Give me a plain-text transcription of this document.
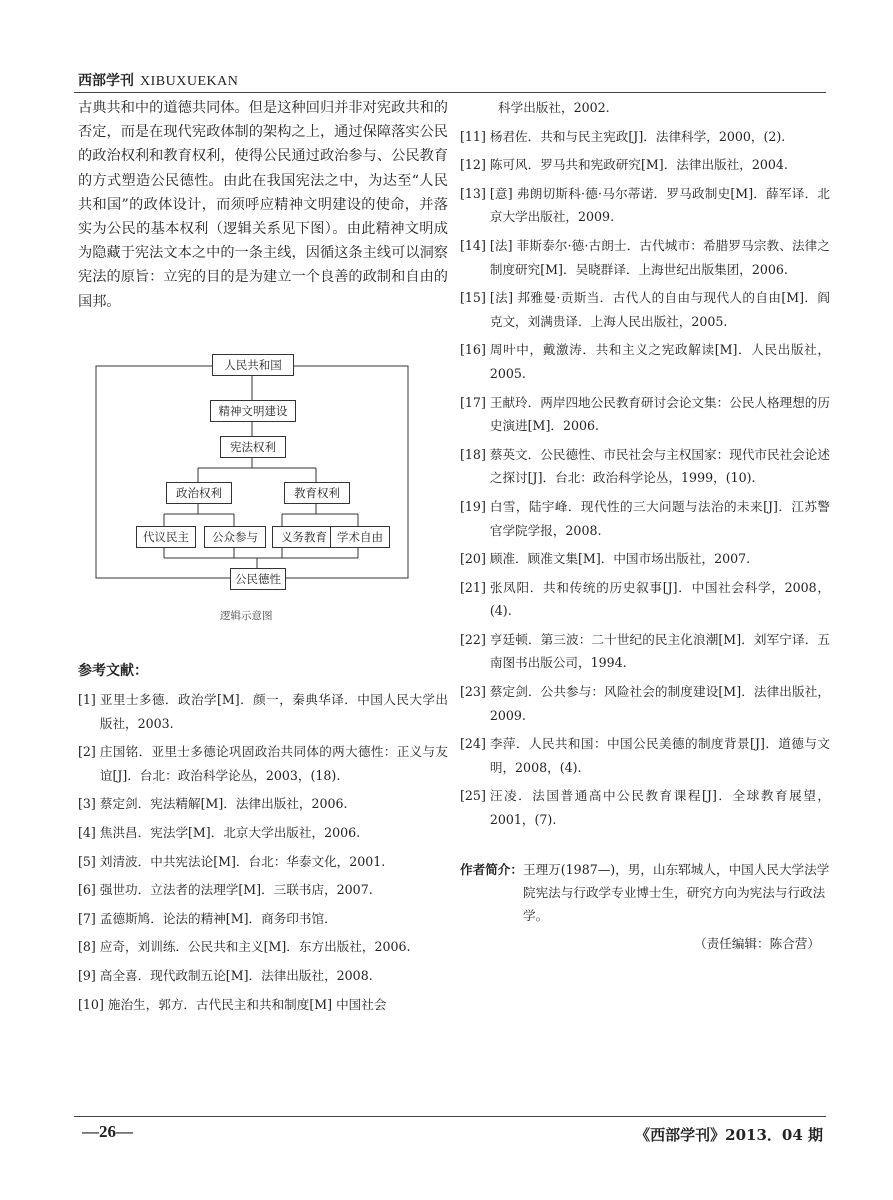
西部学刊 XIBUXUEKAN

古典共和中的道德共同体。但是这种回归并非对宪政共和的否定，而是在现代宪政体制的架构之上，通过保障落实公民的政治权利和教育权利，使得公民通过政治参与、公民教育的方式塑造公民德性。由此在我国宪法之中，为达至“人民共和国”的政体设计，而须呼应精神文明建设的使命，并落实为公民的基本权利（逻辑关系见下图）。由此精神文明成为隐藏于宪法文本之中的一条主线，因循这条主线可以洞察宪法的原旨：立宪的目的是为建立一个良善的政制和自由的国邦。

人民共和国
精神文明建设
宪法权利
政治权利	教育权利
代议民主	公众参与	义务教育 学术自由
公民德性
逻辑示意图
参考文献：
[1] 亚里士多德．政治学[M]．颜一，秦典华译．中国人民大学出版社，2003.
[2] 庄国铭．亚里士多德论巩固政治共同体的两大德性：正义与友谊[J]．台北：政治科学论丛，2003，(18).
[3] 蔡定剑．宪法精解[M]．法律出版社，2006.
[4] 焦洪昌．宪法学[M]．北京大学出版社，2006.
[5] 刘清波．中共宪法论[M]．台北：华泰文化，2001.
[6] 强世功．立法者的法理学[M]．三联书店，2007.
[7] 孟德斯鸠．论法的精神[M]．商务印书馆．
[8] 应奇，刘训练．公民共和主义[M]．东方出版社，2006.
[9] 高全喜．现代政制五论[M]．法律出版社，2008.
[10] 施治生，郭方．古代民主和共和制度[M] 中国社会
科学出版社，2002.
[11] 杨君佐．共和与民主宪政[J]．法律科学，2000，(2).
[12] 陈可风．罗马共和宪政研究[M]．法律出版社，2004.
[13] [意] 弗朗切斯科·德·马尔蒂诺．罗马政制史[M]．薛军译．北京大学出版社，2009.
[14] [法] 菲斯泰尔·德·古朗士．古代城市：希腊罗马宗教、法律之制度研究[M]．吴晓群译．上海世纪出版集团，2006.
[15] [法] 邦雅曼·贡斯当．古代人的自由与现代人的自由[M]．阎克文，刘满贵译．上海人民出版社，2005.
[16] 周叶中，戴激涛．共和主义之宪政解读[M]．人民出版社，2005.
[17] 王献玲．两岸四地公民教育研讨会论文集：公民人格理想的历史演进[M]．2006.
[18] 蔡英文．公民德性、市民社会与主权国家：现代市民社会论述之探讨[J]．台北：政治科学论丛，1999，(10).
[19] 白雪，陆宇峰．现代性的三大问题与法治的未来[J]．江苏警官学院学报，2008.
[20] 顾准．顾准文集[M]．中国市场出版社，2007.
[21] 张凤阳．共和传统的历史叙事[J]．中国社会科学，2008，(4).
[22] 亨廷顿．第三波：二十世纪的民主化浪潮[M]．刘军宁译．五南图书出版公司，1994.
[23] 蔡定剑．公共参与：风险社会的制度建设[M]．法律出版社，2009.
[24] 李萍．人民共和国：中国公民美德的制度背景[J]．道德与文明，2008，(4).
[25] 汪凌．法国普通高中公民教育课程[J]．全球教育展望，2001，(7).
作者简介： 王理万(1987—)，男，山东郓城人，中国人民大学法学院宪法与行政学专业博士生，研究方向为宪法与行政法学。
（责任编辑：陈合营）
—26—	《西部学刊》2013．04 期
